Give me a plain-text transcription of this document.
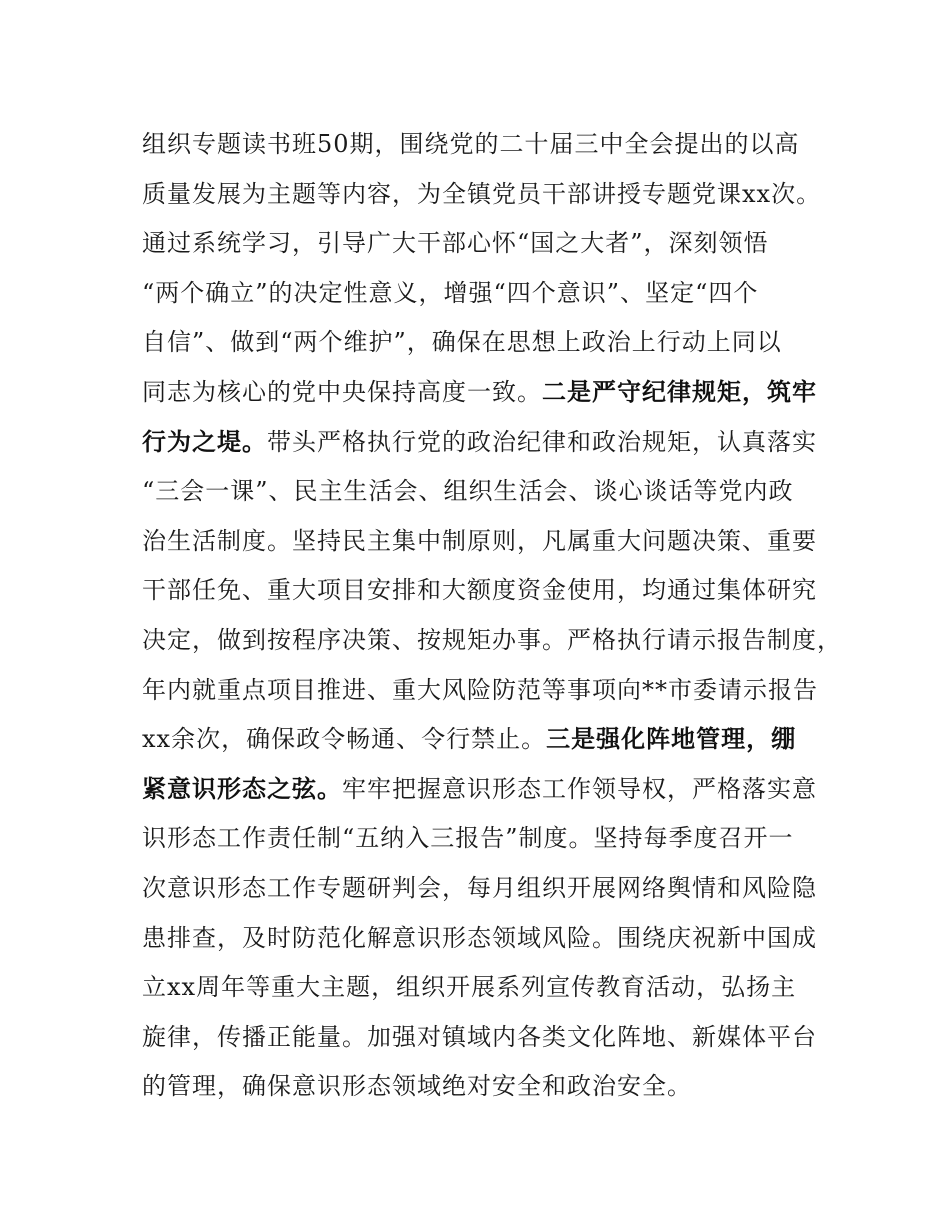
组织专题读书班50期，围绕党的二十届三中全会提出的以高
质量发展为主题等内容，为全镇党员干部讲授专题党课xx次。
通过系统学习，引导广大干部心怀“国之大者”，深刻领悟
“两个确立”的决定性意义，增强“四个意识”、坚定“四个
自信”、做到“两个维护”，确保在思想上政治上行动上同以
同志为核心的党中央保持高度一致。二是严守纪律规矩，筑牢
行为之堤。带头严格执行党的政治纪律和政治规矩，认真落实
“三会一课”、民主生活会、组织生活会、谈心谈话等党内政
治生活制度。坚持民主集中制原则，凡属重大问题决策、重要
干部任免、重大项目安排和大额度资金使用，均通过集体研究
决定，做到按程序决策、按规矩办事。严格执行请示报告制度，
年内就重点项目推进、重大风险防范等事项向**市委请示报告
xx余次，确保政令畅通、令行禁止。三是强化阵地管理，绷
紧意识形态之弦。牢牢把握意识形态工作领导权，严格落实意
识形态工作责任制“五纳入三报告”制度。坚持每季度召开一
次意识形态工作专题研判会，每月组织开展网络舆情和风险隐
患排查，及时防范化解意识形态领域风险。围绕庆祝新中国成
立xx周年等重大主题，组织开展系列宣传教育活动，弘扬主
旋律，传播正能量。加强对镇域内各类文化阵地、新媒体平台
的管理，确保意识形态领域绝对安全和政治安全。
